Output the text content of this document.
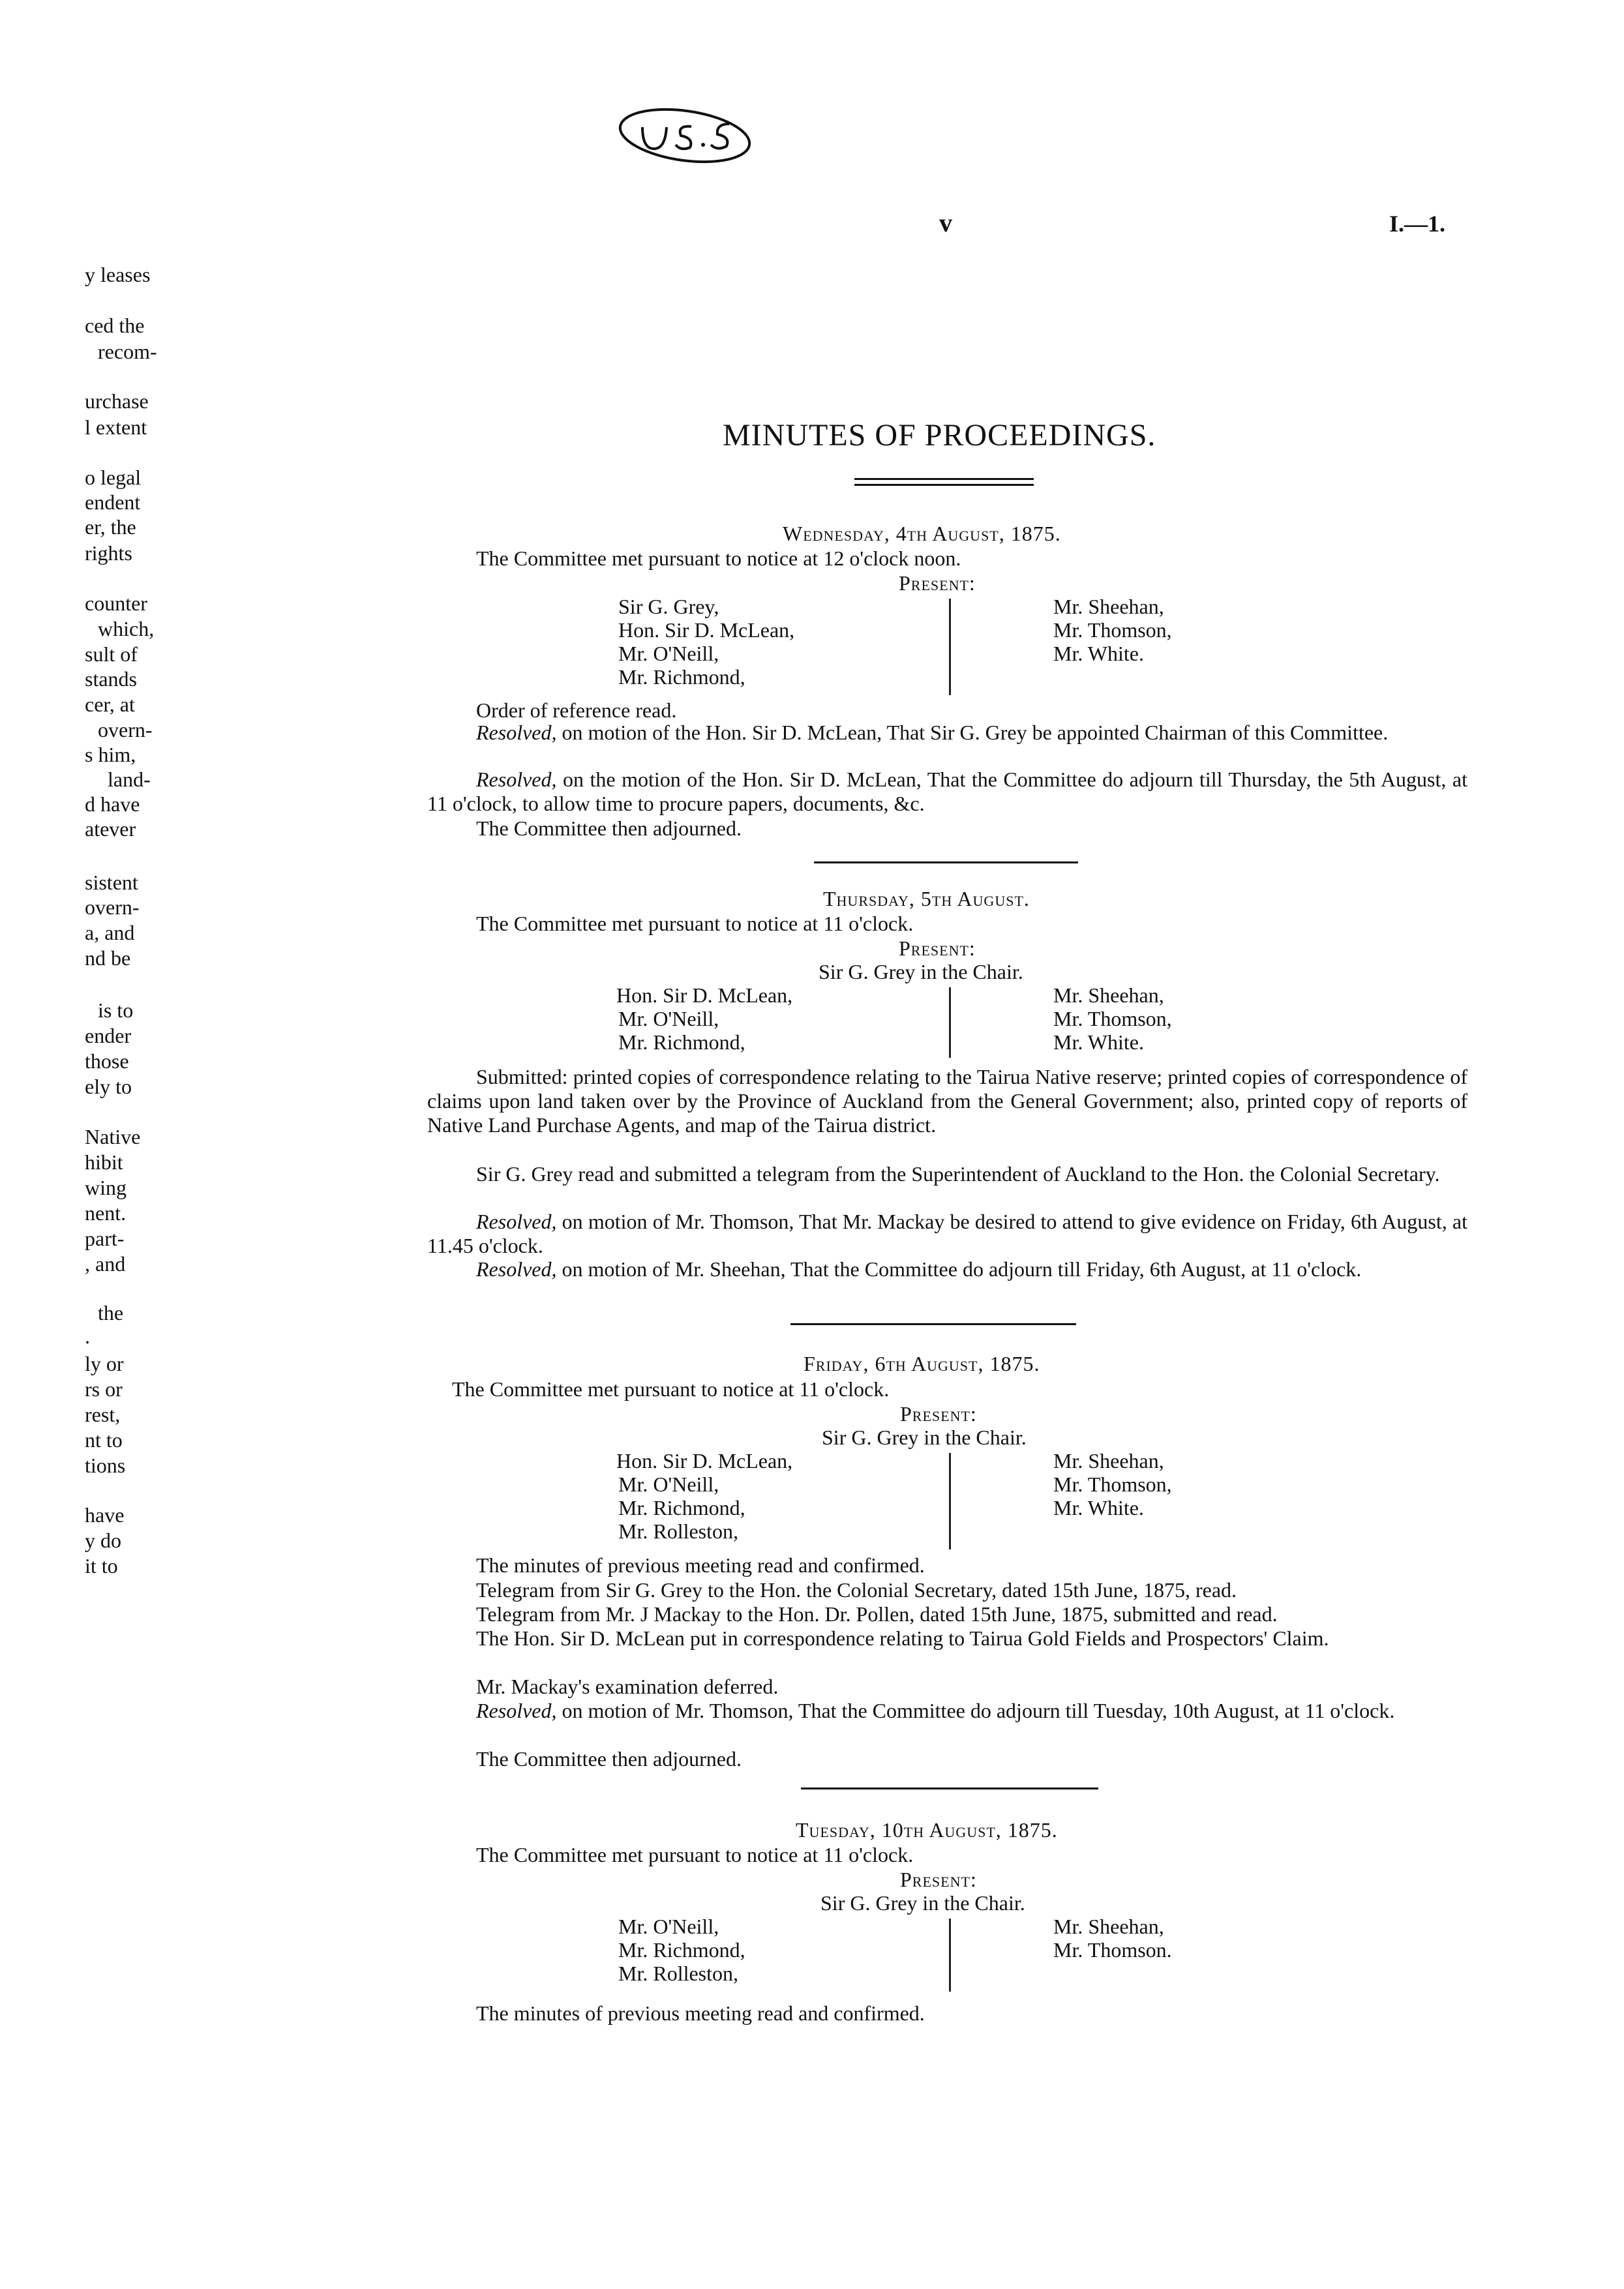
v	I.—1.
y leases
ced the
recom-
urchase
l extent
o legal
endent
er, the
rights
counter
which,
sult of
stands
cer, at
overn-
s him,
land-
d have
atever
sistent
overn-
a, and
nd be
is to
ender
those
ely to
Native
hibit
wing
nent.
part-
, and
the
.
ly or
rs or
rest,
nt to
tions
have
y do
it to
MINUTES OF PROCEEDINGS.
Wednesday, 4th August, 1875.
The Committee met pursuant to notice at 12 o'clock noon.
Present:
Sir G. Grey,
Hon. Sir D. McLean,
Mr. O'Neill,
Mr. Richmond,
Mr. Sheehan,
Mr. Thomson,
Mr. White.
Order of reference read.
Resolved, on motion of the Hon. Sir D. McLean, That Sir G. Grey be appointed Chairman of this Committee.
Resolved, on the motion of the Hon. Sir D. McLean, That the Committee do adjourn till Thursday, the 5th August, at 11 o'clock, to allow time to procure papers, documents, &c.
The Committee then adjourned.
Thursday, 5th August.
The Committee met pursuant to notice at 11 o'clock.
Present:
Sir G. Grey in the Chair.
Hon. Sir D. McLean,
Mr. O'Neill,
Mr. Richmond,
Mr. Sheehan,
Mr. Thomson,
Mr. White.
Submitted: printed copies of correspondence relating to the Tairua Native reserve; printed copies of correspondence of claims upon land taken over by the Province of Auckland from the General Government; also, printed copy of reports of Native Land Purchase Agents, and map of the Tairua district.
Sir G. Grey read and submitted a telegram from the Superintendent of Auckland to the Hon. the Colonial Secretary.
Resolved, on motion of Mr. Thomson, That Mr. Mackay be desired to attend to give evidence on Friday, 6th August, at 11.45 o'clock.
Resolved, on motion of Mr. Sheehan, That the Committee do adjourn till Friday, 6th August, at 11 o'clock.
Friday, 6th August, 1875.
The Committee met pursuant to notice at 11 o'clock.
Present:
Sir G. Grey in the Chair.
Hon. Sir D. McLean,
Mr. O'Neill,
Mr. Richmond,
Mr. Rolleston,
Mr. Sheehan,
Mr. Thomson,
Mr. White.
The minutes of previous meeting read and confirmed.
Telegram from Sir G. Grey to the Hon. the Colonial Secretary, dated 15th June, 1875, read.
Telegram from Mr. J Mackay to the Hon. Dr. Pollen, dated 15th June, 1875, submitted and read.
The Hon. Sir D. McLean put in correspondence relating to Tairua Gold Fields and Prospectors' Claim.
Mr. Mackay's examination deferred.
Resolved, on motion of Mr. Thomson, That the Committee do adjourn till Tuesday, 10th August, at 11 o'clock.
The Committee then adjourned.
Tuesday, 10th August, 1875.
The Committee met pursuant to notice at 11 o'clock.
Present:
Sir G. Grey in the Chair.
Mr. O'Neill,
Mr. Richmond,
Mr. Rolleston,
Mr. Sheehan,
Mr. Thomson.
The minutes of previous meeting read and confirmed.
